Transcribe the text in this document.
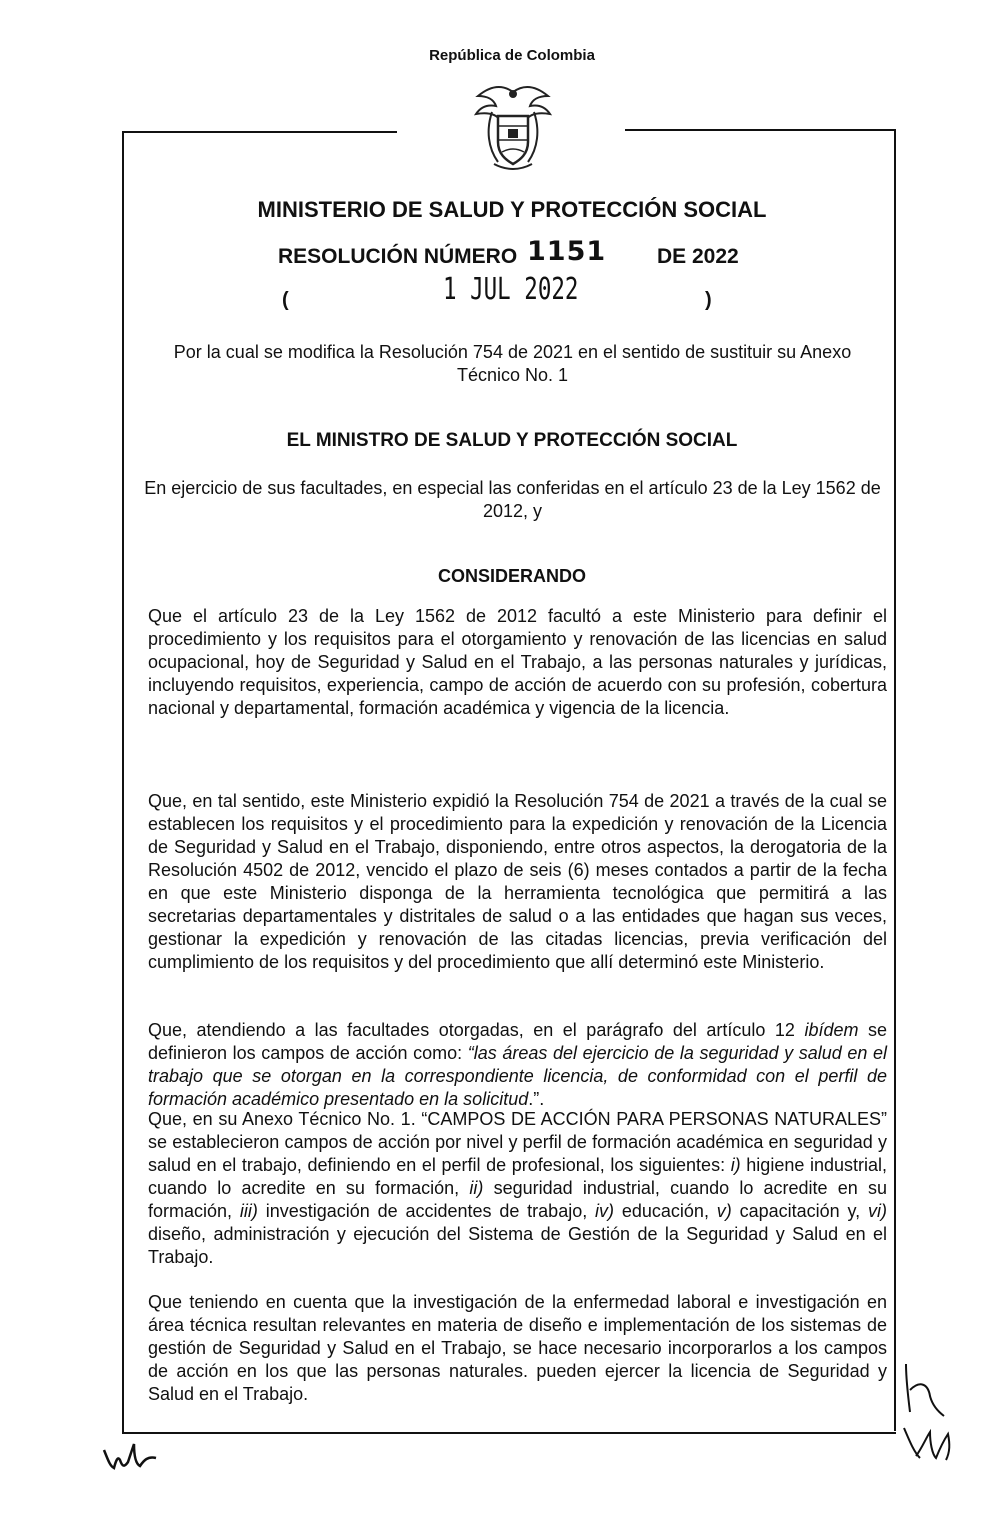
República de Colombia
MINISTERIO DE SALUD Y PROTECCIÓN SOCIAL
RESOLUCIÓN NÚMERO 1151 DE 2022
(	1 JUL 2022	)
Por la cual se modifica la Resolución 754 de 2021 en el sentido de sustituir su Anexo Técnico No. 1
EL MINISTRO DE SALUD Y PROTECCIÓN SOCIAL
En ejercicio de sus facultades, en especial las conferidas en el artículo 23 de la Ley 1562 de 2012, y
CONSIDERANDO
Que el artículo 23 de la Ley 1562 de 2012 facultó a este Ministerio para definir el procedimiento y los requisitos para el otorgamiento y renovación de las licencias en salud ocupacional, hoy de Seguridad y Salud en el Trabajo, a las personas naturales y jurídicas, incluyendo requisitos, experiencia, campo de acción de acuerdo con su profesión, cobertura nacional y departamental, formación académica y vigencia de la licencia.
Que, en tal sentido, este Ministerio expidió la Resolución 754 de 2021 a través de la cual se establecen los requisitos y el procedimiento para la expedición y renovación de la Licencia de Seguridad y Salud en el Trabajo, disponiendo, entre otros aspectos, la derogatoria de la Resolución 4502 de 2012, vencido el plazo de seis (6) meses contados a partir de la fecha en que este Ministerio disponga de la herramienta tecnológica que permitirá a las secretarias departamentales y distritales de salud o a las entidades que hagan sus veces, gestionar la expedición y renovación de las citadas licencias, previa verificación del cumplimiento de los requisitos y del procedimiento que allí determinó este Ministerio.
Que, atendiendo a las facultades otorgadas, en el parágrafo del artículo 12 ibídem se definieron los campos de acción como: “las áreas del ejercicio de la seguridad y salud en el trabajo que se otorgan en la correspondiente licencia, de conformidad con el perfil de formación académico presentado en la solicitud.”.
Que, en su Anexo Técnico No. 1. “CAMPOS DE ACCIÓN PARA PERSONAS NATURALES” se establecieron campos de acción por nivel y perfil de formación académica en seguridad y salud en el trabajo, definiendo en el perfil de profesional, los siguientes: i) higiene industrial, cuando lo acredite en su formación, ii) seguridad industrial, cuando lo acredite en su formación, iii) investigación de accidentes de trabajo, iv) educación, v) capacitación y, vi) diseño, administración y ejecución del Sistema de Gestión de la Seguridad y Salud en el Trabajo.
Que teniendo en cuenta que la investigación de la enfermedad laboral e investigación en área técnica resultan relevantes en materia de diseño e implementación de los sistemas de gestión de Seguridad y Salud en el Trabajo, se hace necesario incorporarlos a los campos de acción en los que las personas naturales. pueden ejercer la licencia de Seguridad y Salud en el Trabajo.
